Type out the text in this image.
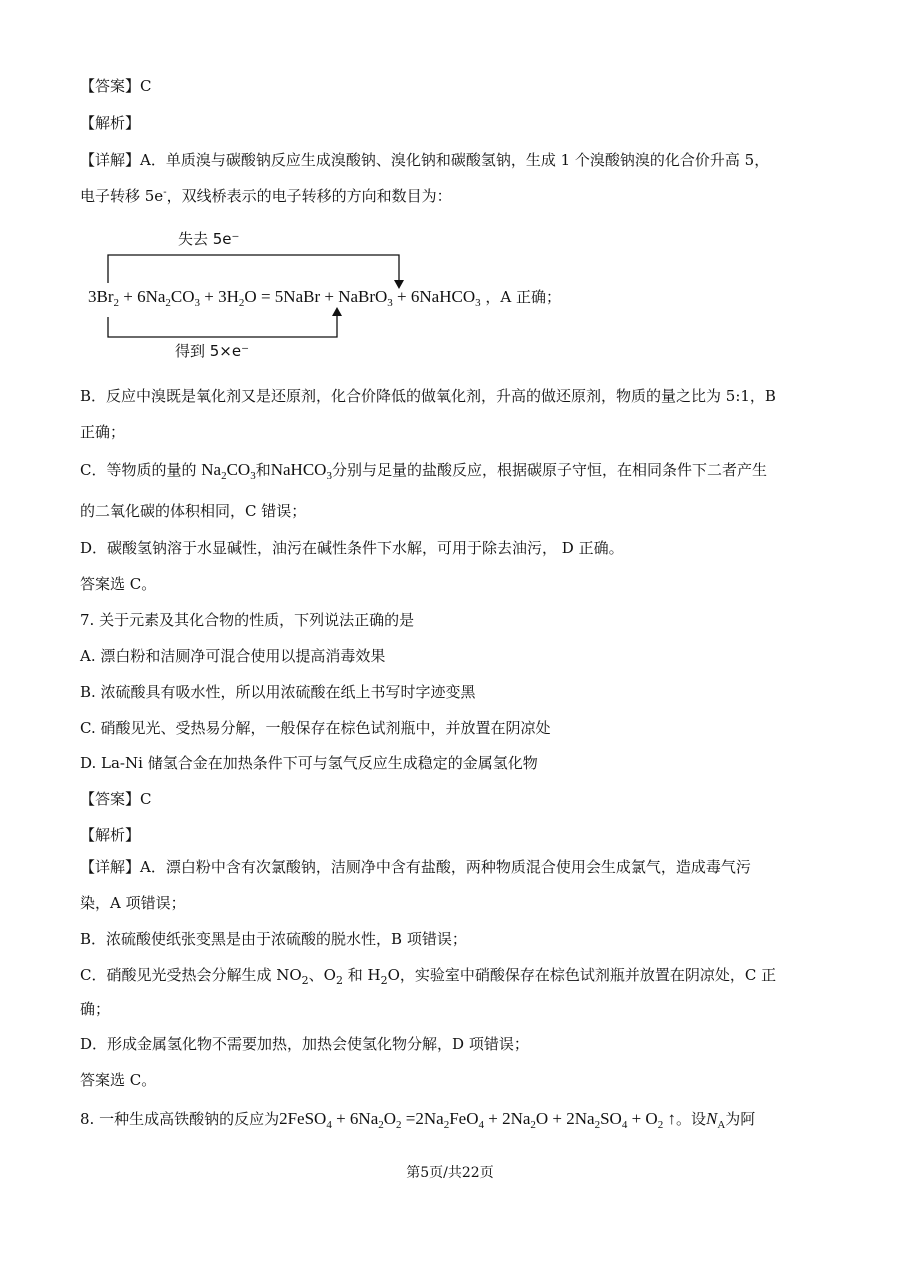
【答案】C
【解析】
【详解】A．单质溴与碳酸钠反应生成溴酸钠、溴化钠和碳酸氢钠，生成 1 个溴酸钠溴的化合价升高 5，
电子转移 5e-，双线桥表示的电子转移的方向和数目为：
失去 5e⁻
得到 5×e⁻
$3Br_2 + 6Na_2CO_3 + 3H_2O$ = 5NaBr + NaBrO$_3$ + 6NaHCO$_3$ ，A 正确；
B．反应中溴既是氧化剂又是还原剂，化合价降低的做氧化剂，升高的做还原剂，物质的量之比为 5:1，B
正确；
C．等物质的量的 $Na_2CO_3$和NaHCO$_3$分别与足量的盐酸反应，根据碳原子守恒，在相同条件下二者产生
的二氧化碳的体积相同，C 错误；
D．碳酸氢钠溶于水显碱性，油污在碱性条件下水解，可用于除去油污， D 正确。
答案选 C。
7. 关于元素及其化合物的性质，下列说法正确的是
A. 漂白粉和洁厕净可混合使用以提高消毒效果
B. 浓硫酸具有吸水性，所以用浓硫酸在纸上书写时字迹变黑
C. 硝酸见光、受热易分解，一般保存在棕色试剂瓶中，并放置在阴凉处
D. La-Ni 储氢合金在加热条件下可与氢气反应生成稳定的金属氢化物
【答案】C
【解析】
【详解】A．漂白粉中含有次氯酸钠，洁厕净中含有盐酸，两种物质混合使用会生成氯气，造成毒气污
染，A 项错误；
B．浓硫酸使纸张变黑是由于浓硫酸的脱水性，B 项错误；
C．硝酸见光受热会分解生成 $NO_2$、$O_2$ 和 $H_2O$，实验室中硝酸保存在棕色试剂瓶并放置在阴凉处，C 正
确；
D．形成金属氢化物不需要加热，加热会使氢化物分解，D 项错误；
答案选 C。
8. 一种生成高铁酸钠的反应为2FeSO$_4$ + $6Na_2O_2 =2Na_2FeO_4 + 2Na_2O + 2Na_2SO_4 + O_2$ ↑。设$N_A$为阿
第5页/共22页
